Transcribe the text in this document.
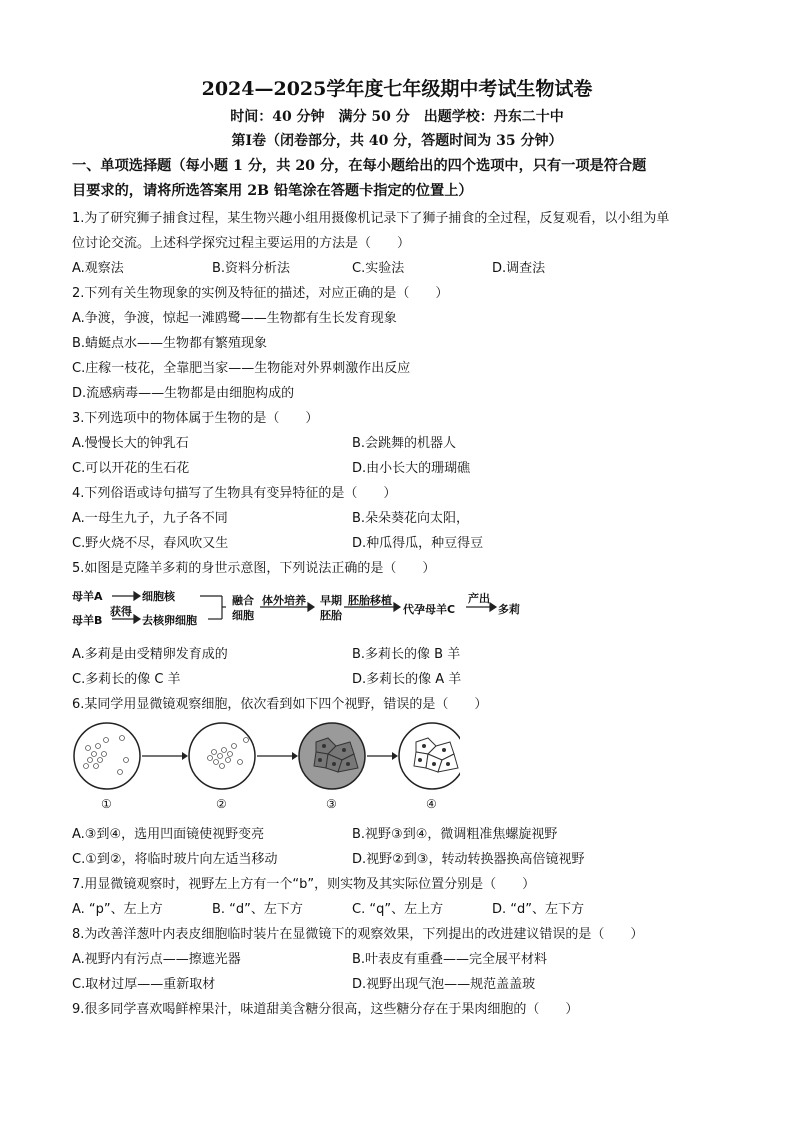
2024—2025学年度七年级期中考试生物试卷
时间：40 分钟　满分 50 分　出题学校：丹东二十中
第Ⅰ卷（闭卷部分，共 40 分，答题时间为 35 分钟）
一、单项选择题（每小题 1 分，共 20 分，在每小题给出的四个选项中，只有一项是符合题
目要求的，请将所选答案用 2B 铅笔涂在答题卡指定的位置上）
1.为了研究狮子捕食过程，某生物兴趣小组用摄像机记录下了狮子捕食的全过程，反复观看，以小组为单
位讨论交流。上述科学探究过程主要运用的方法是（　　）
A.观察法	B.资料分析法	C.实验法	D.调查法
2.下列有关生物现象的实例及特征的描述，对应正确的是（　　）
A.争渡，争渡，惊起一滩鸥鹭——生物都有生长发育现象
B.蜻蜓点水——生物都有繁殖现象
C.庄稼一枝花，全靠肥当家——生物能对外界刺激作出反应
D.流感病毒——生物都是由细胞构成的
3.下列选项中的物体属于生物的是（　　）
A.慢慢长大的钟乳石	B.会跳舞的机器人
C.可以开花的生石花	D.由小长大的珊瑚礁
4.下列俗语或诗句描写了生物具有变异特征的是（　　）
A.一母生九子，九子各不同	B.朵朵葵花向太阳，
C.野火烧不尽，春风吹又生	D.种瓜得瓜，种豆得豆
5.如图是克隆羊多莉的身世示意图，下列说法正确的是（　　）
母羊A	细胞核
获得
母羊B	去核卵细胞
融合
细胞
体外培养 早期
胚胎
胚胎移植
代孕母羊C
产出
多莉
A.多莉是由受精卵发育成的	B.多莉长的像 B 羊
C.多莉长的像 C 羊	D.多莉长的像 A 羊
6.某同学用显微镜观察细胞，依次看到如下四个视野，错误的是（　　）
①	②	③	④
A.③到④，选用凹面镜使视野变亮	B.视野③到④，微调粗准焦螺旋视野
C.①到②，将临时玻片向左适当移动	D.视野②到③，转动转换器换高倍镜视野
7.用显微镜观察时，视野左上方有一个“b”，则实物及其实际位置分别是（　　）
A. “p”、左上方	B. “d”、左下方	C. “q”、左上方	D. “d”、左下方
8.为改善洋葱叶内表皮细胞临时装片在显微镜下的观察效果，下列提出的改进建议错误的是（　　）
A.视野内有污点——擦遮光器	B.叶表皮有重叠——完全展平材料
C.取材过厚——重新取材	D.视野出现气泡——规范盖盖玻
9.很多同学喜欢喝鲜榨果汁，味道甜美含糖分很高，这些糖分存在于果肉细胞的（　　）
